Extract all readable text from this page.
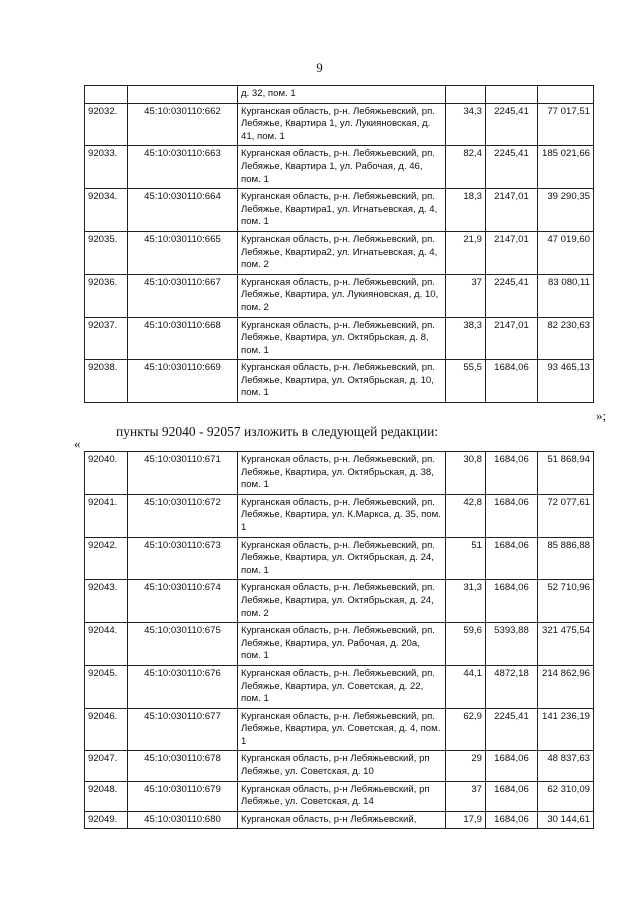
9
		д. 32, пом. 1			
92032.	45:10:030110:662	Курганская область, р-н. Лебяжьевский, рп. Лебяжье, Квартира 1, ул. Лукияновская, д. 41, пом. 1	34,3	2245,41	77 017,51
92033.	45:10:030110:663	Курганская область, р-н. Лебяжьевский, рп. Лебяжье, Квартира 1, ул. Рабочая, д. 46, пом. 1	82,4	2245,41	185 021,66
92034.	45:10:030110:664	Курганская область, р-н. Лебяжьевский, рп. Лебяжье, Квартира1, ул. Игнатьевская, д. 4, пом. 1	18,3	2147,01	39 290,35
92035.	45:10:030110:665	Курганская область, р-н. Лебяжьевский, рп. Лебяжье, Квартира2, ул. Игнатьевская, д. 4, пом. 2	21,9	2147,01	47 019,60
92036.	45:10:030110:667	Курганская область, р-н. Лебяжьевский, рп. Лебяжье, Квартира, ул. Лукияновская, д. 10, пом. 2	37	2245,41	83 080,11
92037.	45:10:030110:668	Курганская область, р-н. Лебяжьевский, рп. Лебяжье, Квартира, ул. Октябрьская, д. 8, пом. 1	38,3	2147,01	82 230,63
92038.	45:10:030110:669	Курганская область, р-н. Лебяжьевский, рп. Лебяжье, Квартира, ул. Октябрьская, д. 10, пом. 1	55,5	1684,06	93 465,13
»;
пункты 92040 - 92057 изложить в следующей редакции:
«
92040.	45:10:030110:671	Курганская область, р-н. Лебяжьевский, рп. Лебяжье, Квартира, ул. Октябрьская, д. 38, пом. 1	30,8	1684,06	51 868,94
92041.	45:10:030110:672	Курганская область, р-н. Лебяжьевский, рп. Лебяжье, Квартира, ул. К.Маркса, д. 35, пом. 1	42,8	1684,06	72 077,61
92042.	45:10:030110:673	Курганская область, р-н. Лебяжьевский, рп. Лебяжье, Квартира, ул. Октябрьская, д. 24, пом. 1	51	1684,06	85 886,88
92043.	45:10:030110:674	Курганская область, р-н. Лебяжьевский, рп. Лебяжье, Квартира, ул. Октябрьская, д. 24, пом. 2	31,3	1684,06	52 710,96
92044.	45:10:030110:675	Курганская область, р-н. Лебяжьевский, рп. Лебяжье, Квартира, ул. Рабочая, д. 20а, пом. 1	59,6	5393,88	321 475,54
92045.	45:10:030110:676	Курганская область, р-н. Лебяжьевский, рп. Лебяжье, Квартира, ул. Советская, д. 22, пом. 1	44,1	4872,18	214 862,96
92046.	45:10:030110:677	Курганская область, р-н. Лебяжьевский, рп. Лебяжье, Квартира, ул. Советская, д. 4, пом. 1	62,9	2245,41	141 236,19
92047.	45:10:030110:678	Курганская область, р-н Лебяжьевский, рп Лебяжье, ул. Советская, д. 10	29	1684,06	48 837,63
92048.	45:10:030110:679	Курганская область, р-н Лебяжьевский, рп Лебяжье, ул. Советская, д. 14	37	1684,06	62 310,09
92049.	45:10:030110:680	Курганская область, р-н Лебяжьевский,	17,9	1684,06	30 144,61
